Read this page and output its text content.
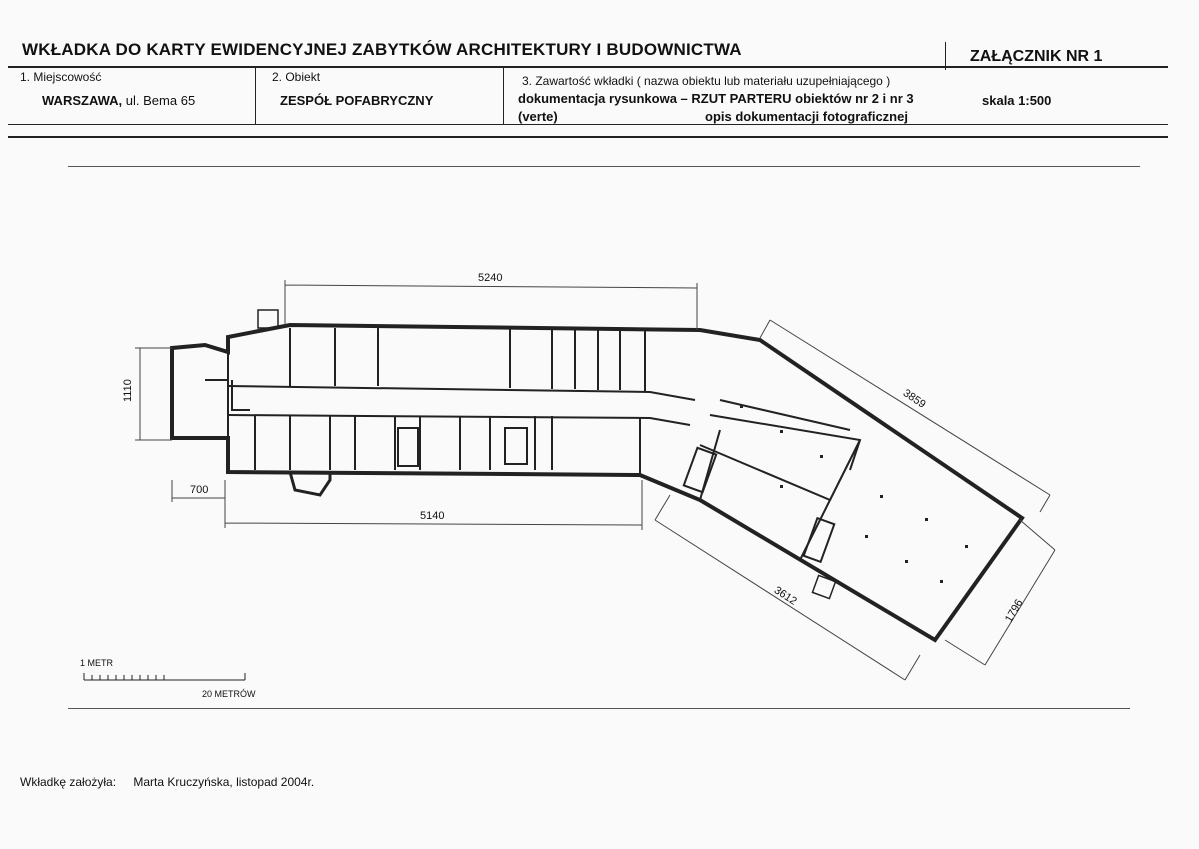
WKŁADKA DO KARTY EWIDENCYJNEJ ZABYTKÓW ARCHITEKTURY I BUDOWNICTWA	ZAŁĄCZNIK NR 1
1. Miejscowość
WARSZAWA, ul. Bema 65
2. Obiekt
ZESPÓŁ POFABRYCZNY
3. Zawartość wkładki ( nazwa obiektu lub materiału uzupełniającego )
dokumentacja rysunkowa – RZUT PARTERU obiektów nr 2 i nr 3	skala 1:500
(verte)	opis dokumentacji fotograficznej
5240
5140
1110
700
3859
3612
1796
1 METR
20 METRÓW
Wkładkę założyła: Marta Kruczyńska, listopad 2004r.
